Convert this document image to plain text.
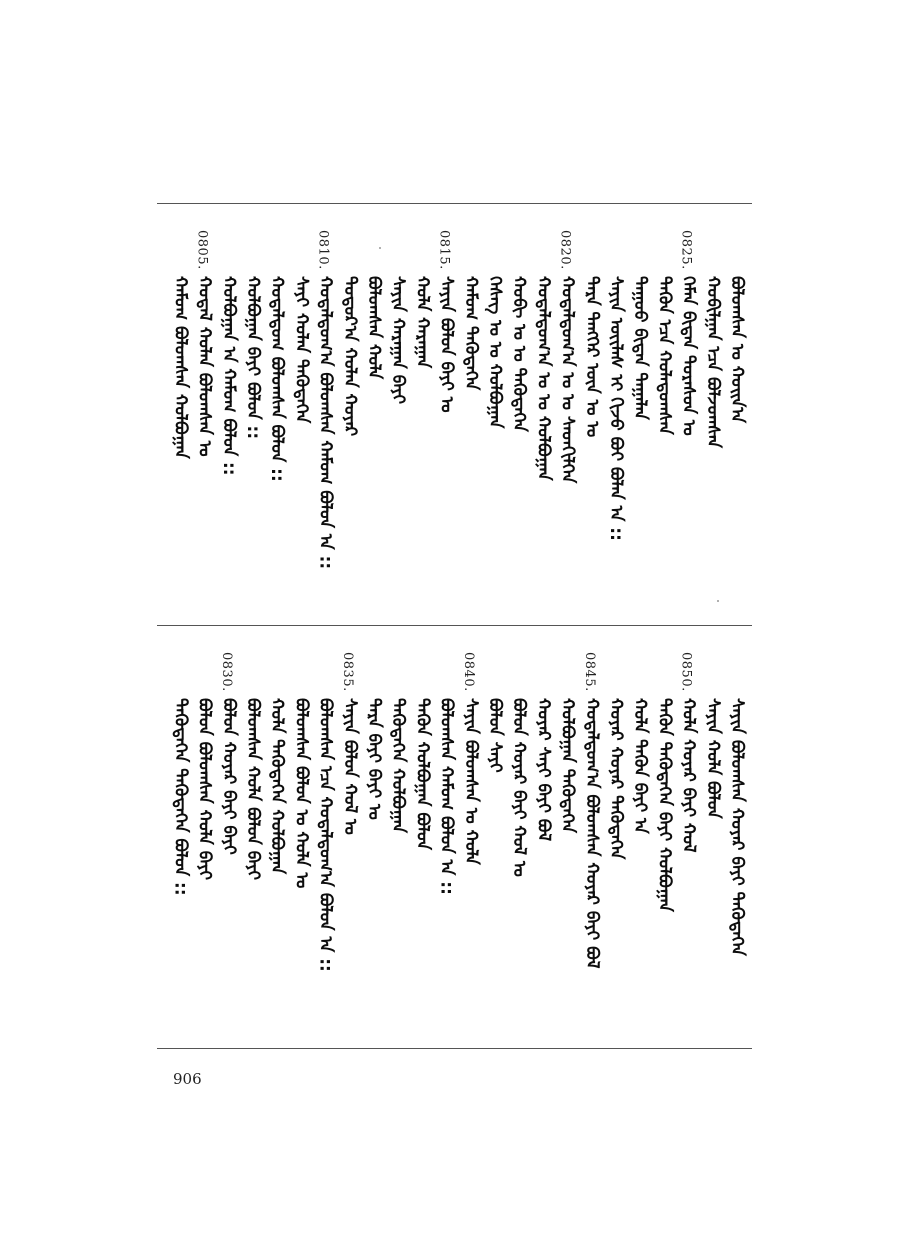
ᠪᠣᠯᠤᠭᠰᠠᠨ ᠤ ᠬᠣᠢᠨ᠎ᠠ
ᠬᠤᠪᠢᠯᠭᠠᠨ ᠡᠴᠡ ᠪᠣᠯᠵᠤᠭᠰᠠᠨ
0825.
ᠬᠡᠮᠡᠨ ᠪᠢᠳᠡᠨ ᠳᠤᠷᠠᠰᠤᠨ ᠤ
ᠲᠡᠭᠦᠨ ᠡᠴᠡ ᠬᠣᠯᠠᠳᠤᠭᠰᠠᠨ
ᠳᠠᠭᠤᠤ ᠪᠢᠳᠡᠨ ᠲᠠᠭᠠᠯᠠᠨ
ᠰᠠᠶᠢᠨ ᠦᠢᠯᠡᠰ ᠢ ᠬᠢᠵᠦ ᠪᠣᠢ ᠪᠣᠯᠠᠨ ᠠ ::
ᠲᠡᠷᠡ ᠲᠡᠩᠭᠡᠷ ᠦᠨ ᠤ ᠤ
0820.
ᠬᠣᠳᠠᠯᠳᠤᠭ᠎ᠠ ᠤ ᠤ ᠰᠡᠳᠬᠢᠯᠭᠡᠨ
ᠬᠣᠳᠠᠯᠳᠤᠭ᠎ᠠ ᠤ ᠤ ᠬᠣᠯᠪᠣᠭᠠᠨ
ᠬᠣᠪᠢ ᠤ ᠤ ᠲᠡᠭᠦᠳᠡᠭᠡᠨ
ᠬᠡᠰᠡᠭ ᠤ ᠤ ᠬᠣᠯᠪᠣᠭᠠᠨ
ᠬᠠᠮᠤᠭ ᠲᠡᠭᠦᠳᠡᠭᠡᠨ
0815.
ᠰᠠᠶᠢᠨ ᠪᠣᠯᠤᠨ ᠪᠠᠶᠢ ᠤ
ᠬᠣᠯᠠ ᠬᠠᠷᠠᠭᠠᠨ
ᠰᠠᠶᠢᠨ ᠬᠠᠷᠠᠭᠠᠨ ᠪᠠᠶᠢ
ᠪᠣᠯᠤᠭᠰᠠᠨ ᠬᠣᠯᠠ
ᠳᠣᠲᠣᠷ᠎ᠠ ᠬᠣᠯᠠᠨ ᠬᠣᠶᠠᠷ
0810.
ᠬᠣᠳᠠᠯᠳᠤᠭ᠎ᠠ ᠪᠣᠯᠤᠭᠰᠠᠨ ᠬᠠᠮᠤᠭ ᠪᠣᠯᠤᠨ ᠠ ::
ᠰᠠᠶᠢ ᠬᠣᠯᠠᠨ ᠲᠡᠭᠦᠳᠡᠭᠡᠨ
ᠬᠣᠳᠠᠯᠳᠤᠭ ᠪᠣᠯᠤᠭᠰᠠᠨ ᠪᠣᠯᠤᠨ ::
ᠬᠣᠯᠪᠣᠭᠠᠨ ᠪᠠᠶᠢ ᠪᠣᠯᠤᠨ ::
ᠬᠣᠯᠪᠣᠭᠠᠨ ᠠ ᠬᠠᠮᠤᠭ ᠪᠣᠯᠤᠨ ::
0805.
ᠬᠣᠳᠠᠯ ᠬᠣᠯᠠᠨ ᠪᠣᠯᠤᠭᠰᠠᠨ ᠤ
ᠬᠠᠮᠤᠭ ᠪᠣᠯᠤᠭᠰᠠᠨ ᠬᠣᠯᠪᠣᠭᠠᠨ
ᠰᠠᠶᠢᠨ ᠪᠣᠯᠤᠭᠰᠠᠨ ᠬᠣᠶᠠᠷ ᠪᠠᠶᠢ ᠲᠡᠭᠦᠳᠡᠭᠡᠨ
ᠰᠠᠶᠢᠨ ᠬᠣᠯᠠ ᠪᠣᠯᠤᠨ
0850.
ᠬᠣᠯᠠ ᠬᠣᠶᠠᠷ ᠪᠠᠶᠢ ᠬᠣᠯ
ᠲᠡᠭᠦᠨ ᠲᠡᠭᠦᠳᠡᠭᠡᠨ ᠪᠠᠶᠢ ᠬᠣᠯᠪᠣᠭᠠᠨ
ᠬᠣᠯᠠ ᠲᠡᠭᠦᠨ ᠪᠠᠶᠢ ᠠ
ᠬᠣᠶᠠᠷ ᠬᠣᠶᠠᠷ ᠲᠡᠭᠦᠳᠡᠭᠡᠨ
0845.
ᠬᠣᠳᠠᠯᠳᠤᠭ᠎ᠠ ᠪᠣᠯᠤᠭᠰᠠᠨ ᠬᠣᠶᠠᠷ ᠪᠠᠶᠢ ᠪᠣᠯ
ᠬᠣᠯᠪᠣᠭᠠᠨ ᠲᠡᠭᠦᠳᠡᠭᠡᠨ
ᠬᠣᠶᠠᠷ ᠰᠠᠶᠢ ᠪᠠᠶᠢ ᠪᠣᠯ
ᠪᠣᠯᠤᠨ ᠬᠣᠶᠠᠷ ᠪᠠᠶᠢ ᠬᠣᠯ ᠤ
ᠪᠣᠯᠤᠨ ᠰᠠᠶᠢ
0840.
ᠰᠠᠶᠢᠨ ᠪᠣᠯᠤᠭᠰᠠᠨ ᠤ ᠬᠣᠯᠠ
ᠪᠣᠯᠤᠭᠰᠠᠨ ᠬᠠᠮᠤᠭ ᠪᠣᠯᠤᠨ ᠠ ::
ᠲᠡᠭᠦᠨ ᠬᠣᠯᠪᠣᠭᠠᠨ ᠪᠣᠯᠤᠨ
ᠲᠡᠭᠦᠳᠡᠭᠡᠨ ᠬᠣᠯᠪᠣᠭᠠᠨ
ᠲᠡᠷᠡ ᠪᠠᠶᠢ ᠪᠠᠶᠢ ᠤ
0835.
ᠰᠠᠶᠢᠨ ᠪᠣᠯᠤᠨ ᠬᠣᠯ ᠤ
ᠪᠣᠯᠤᠭᠰᠠᠨ ᠡᠴᠡ ᠬᠣᠳᠠᠯᠳᠤᠭ᠎ᠠ ᠪᠣᠯᠤᠨ ᠠ ::
ᠪᠣᠯᠤᠭᠰᠠᠨ ᠪᠣᠯᠤᠨ ᠤ ᠬᠣᠯᠠ ᠤ
ᠬᠣᠯᠠ ᠲᠡᠭᠦᠳᠡᠭᠡᠨ ᠬᠣᠯᠪᠣᠭᠠᠨ
ᠪᠣᠯᠤᠭᠰᠠᠨ ᠬᠣᠯᠠ ᠪᠣᠯᠤᠨ ᠪᠠᠶᠢ
0830.
ᠪᠣᠯᠤᠨ ᠬᠣᠶᠠᠷ ᠪᠠᠶᠢ ᠪᠠᠶᠢ
ᠪᠣᠯᠤᠨ ᠪᠣᠯᠤᠭᠰᠠᠨ ᠬᠣᠯᠠ ᠪᠠᠶᠢ
ᠲᠡᠭᠦᠳᠡᠭᠡᠨ ᠲᠡᠭᠦᠳᠡᠭᠡᠨ ᠪᠣᠯᠤᠨ ::
906
